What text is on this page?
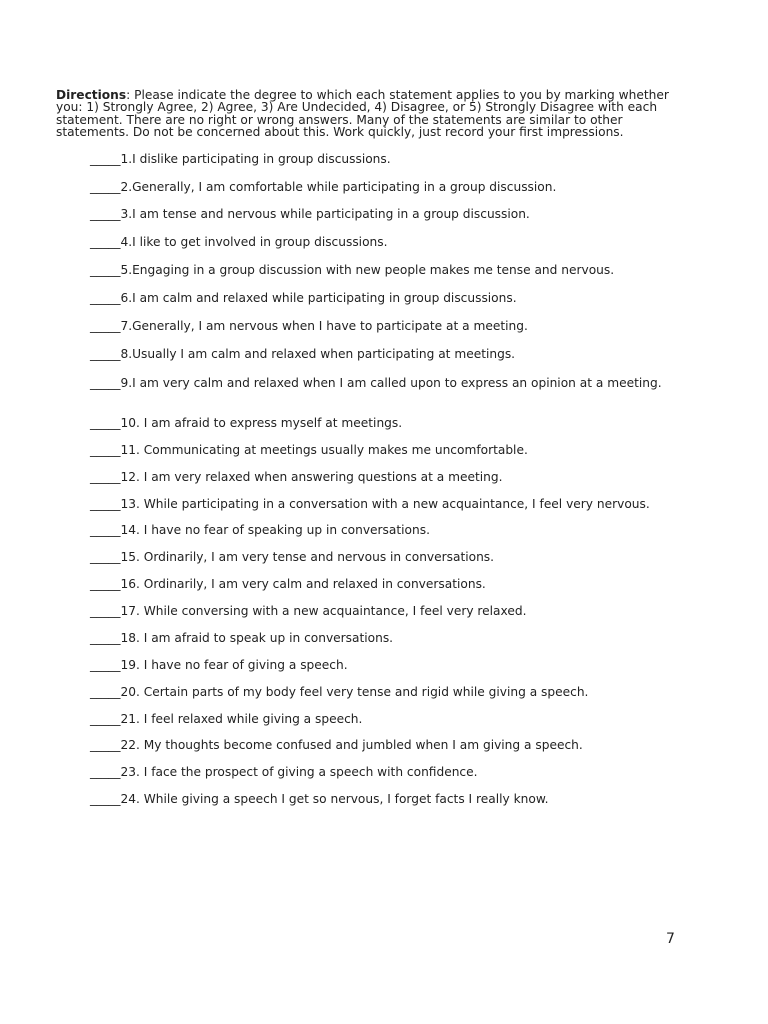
Directions: Please indicate the degree to which each statement applies to you by marking whether you: 1) Strongly Agree, 2) Agree, 3) Are Undecided, 4) Disagree, or 5) Strongly Disagree with each statement. There are no right or wrong answers. Many of the statements are similar to other statements. Do not be concerned about this. Work quickly, just record your first impressions.

_____1.I dislike participating in group discussions.
_____2.Generally, I am comfortable while participating in a group discussion.
_____3.I am tense and nervous while participating in a group discussion.
_____4.I like to get involved in group discussions.
_____5.Engaging in a group discussion with new people makes me tense and nervous.
_____6.I am calm and relaxed while participating in group discussions.
_____7.Generally, I am nervous when I have to participate at a meeting.
_____8.Usually I am calm and relaxed when participating at meetings.
_____9.I am very calm and relaxed when I am called upon to express an opinion at a meeting.
_____10. I am afraid to express myself at meetings.
_____11. Communicating at meetings usually makes me uncomfortable.
_____12. I am very relaxed when answering questions at a meeting.
_____13. While participating in a conversation with a new acquaintance, I feel very nervous.
_____14. I have no fear of speaking up in conversations.
_____15. Ordinarily, I am very tense and nervous in conversations.
_____16. Ordinarily, I am very calm and relaxed in conversations.
_____17. While conversing with a new acquaintance, I feel very relaxed.
_____18. I am afraid to speak up in conversations.
_____19. I have no fear of giving a speech.
_____20. Certain parts of my body feel very tense and rigid while giving a speech.
_____21. I feel relaxed while giving a speech.
_____22. My thoughts become confused and jumbled when I am giving a speech.
_____23. I face the prospect of giving a speech with confidence.
_____24. While giving a speech I get so nervous, I forget facts I really know.
7
